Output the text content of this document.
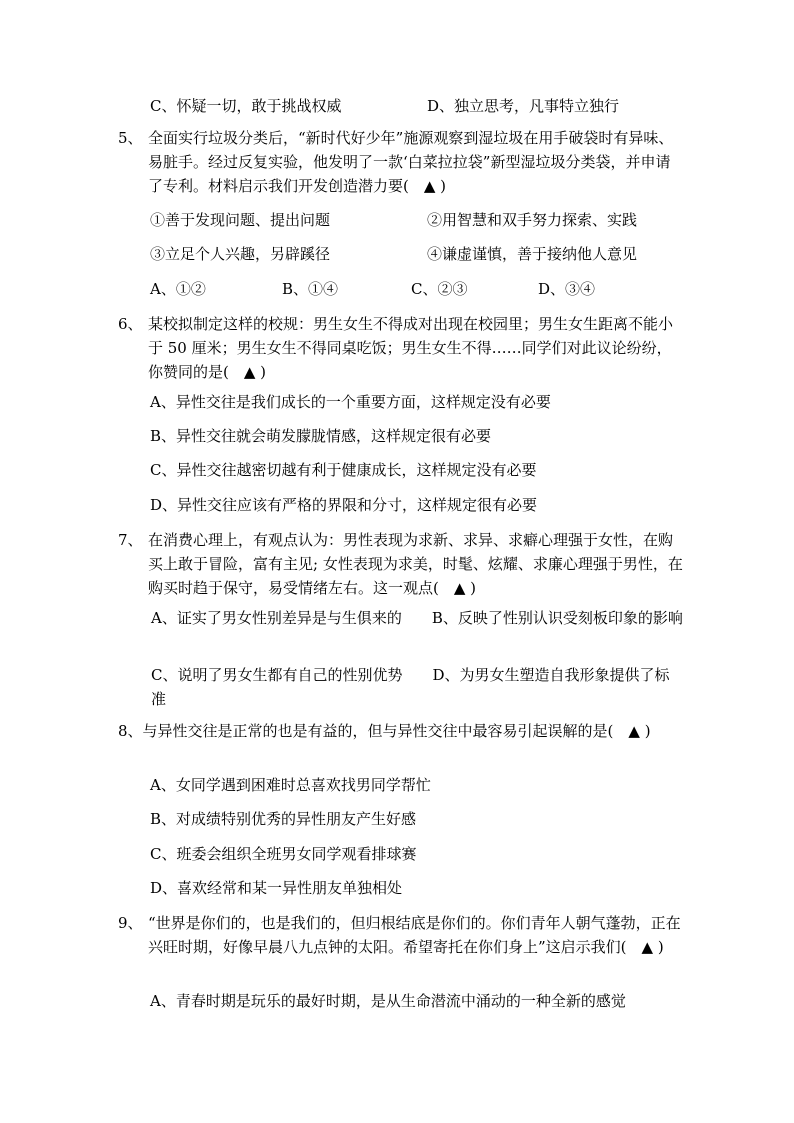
C、怀疑一切，敢于挑战权威	D、独立思考，凡事特立独行
5、 全面实行垃圾分类后，“新时代好少年”施源观察到湿垃圾在用手破袋时有异味、易脏手。经过反复实验，他发明了一款‘白菜拉拉袋”新型湿垃圾分类袋，并申请了专利。材料启示我们开发创造潜力要(　▲ )
①善于发现问题、提出问题	②用智慧和双手努力探索、实践
③立足个人兴趣，另辟蹊径	④谦虚谨慎，善于接纳他人意见
A、①②	B、①④	C、②③	D、③④
6、 某校拟制定这样的校规：男生女生不得成对出现在校园里；男生女生距离不能小于 50 厘米；男生女生不得同桌吃饭；男生女生不得……同学们对此议论纷纷，你赞同的是(　▲ )
A、异性交往是我们成长的一个重要方面，这样规定没有必要
B、异性交往就会萌发朦胧情感，这样规定很有必要
C、异性交往越密切越有利于健康成长，这样规定没有必要
D、异性交往应该有严格的界限和分寸，这样规定很有必要
7、 在消费心理上，有观点认为：男性表现为求新、求异、求癖心理强于女性，在购买上敢于冒险，富有主见; 女性表现为求美，时髦、炫耀、求廉心理强于男性，在购买时趋于保守，易受情绪左右。这一观点(　▲ )
A、证实了男女性别差异是与生俱来的　　B、反映了性别认识受刻板印象的影响
C、说明了男女生都有自己的性别优势　　D、为男女生塑造自我形象提供了标准
8、与异性交往是正常的也是有益的，但与异性交往中最容易引起误解的是(　▲ )
A、女同学遇到困难时总喜欢找男同学帮忙
B、对成绩特别优秀的异性朋友产生好感
C、班委会组织全班男女同学观看排球赛
D、喜欢经常和某一异性朋友单独相处
9、 “世界是你们的，也是我们的，但归根结底是你们的。你们青年人朝气蓬勃，正在兴旺时期，好像早晨八九点钟的太阳。希望寄托在你们身上”这启示我们(　▲ )
A、青春时期是玩乐的最好时期，是从生命潜流中涌动的一种全新的感觉
